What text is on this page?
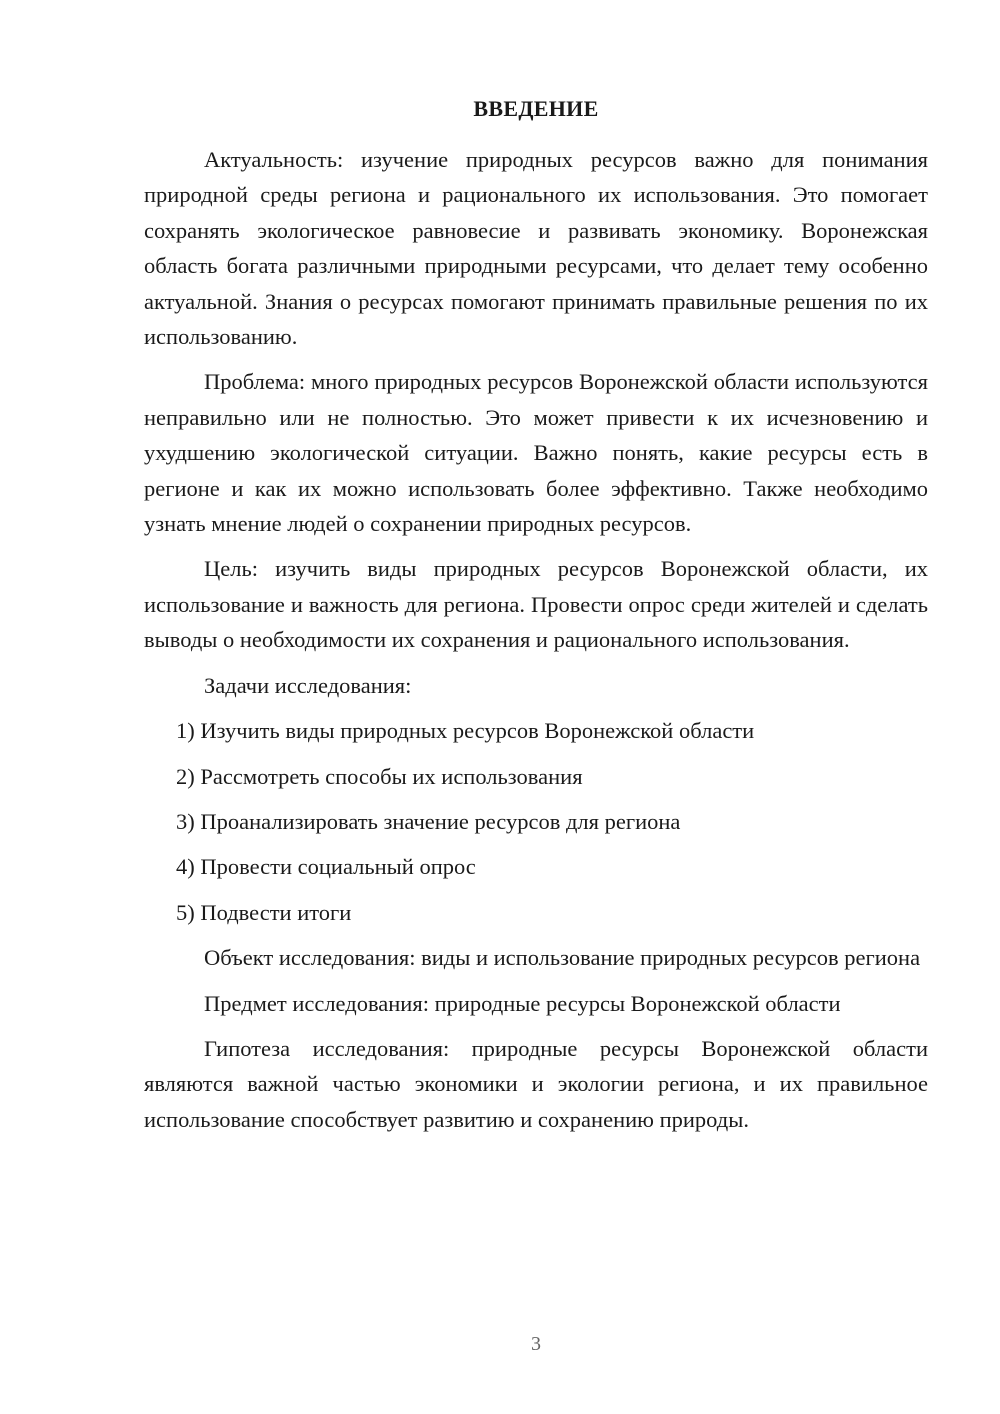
ВВЕДЕНИЕ

Актуальность: изучение природных ресурсов важно для понимания природной среды региона и рационального их использования. Это помогает сохранять экологическое равновесие и развивать экономику. Воронежская область богата различными природными ресурсами, что делает тему особенно актуальной. Знания о ресурсах помогают принимать правильные решения по их использованию.

Проблема: много природных ресурсов Воронежской области используются неправильно или не полностью. Это может привести к их исчезновению и ухудшению экологической ситуации. Важно понять, какие ресурсы есть в регионе и как их можно использовать более эффективно. Также необходимо узнать мнение людей о сохранении природных ресурсов.

Цель: изучить виды природных ресурсов Воронежской области, их использование и важность для региона. Провести опрос среди жителей и сделать выводы о необходимости их сохранения и рационального использования.

Задачи исследования:

1) Изучить виды природных ресурсов Воронежской области

2) Рассмотреть способы их использования

3) Проанализировать значение ресурсов для региона

4) Провести социальный опрос

5) Подвести итоги

Объект исследования: виды и использование природных ресурсов региона

Предмет исследования: природные ресурсы Воронежской области

Гипотеза исследования: природные ресурсы Воронежской области являются важной частью экономики и экологии региона, и их правильное использование способствует развитию и сохранению природы.

3
